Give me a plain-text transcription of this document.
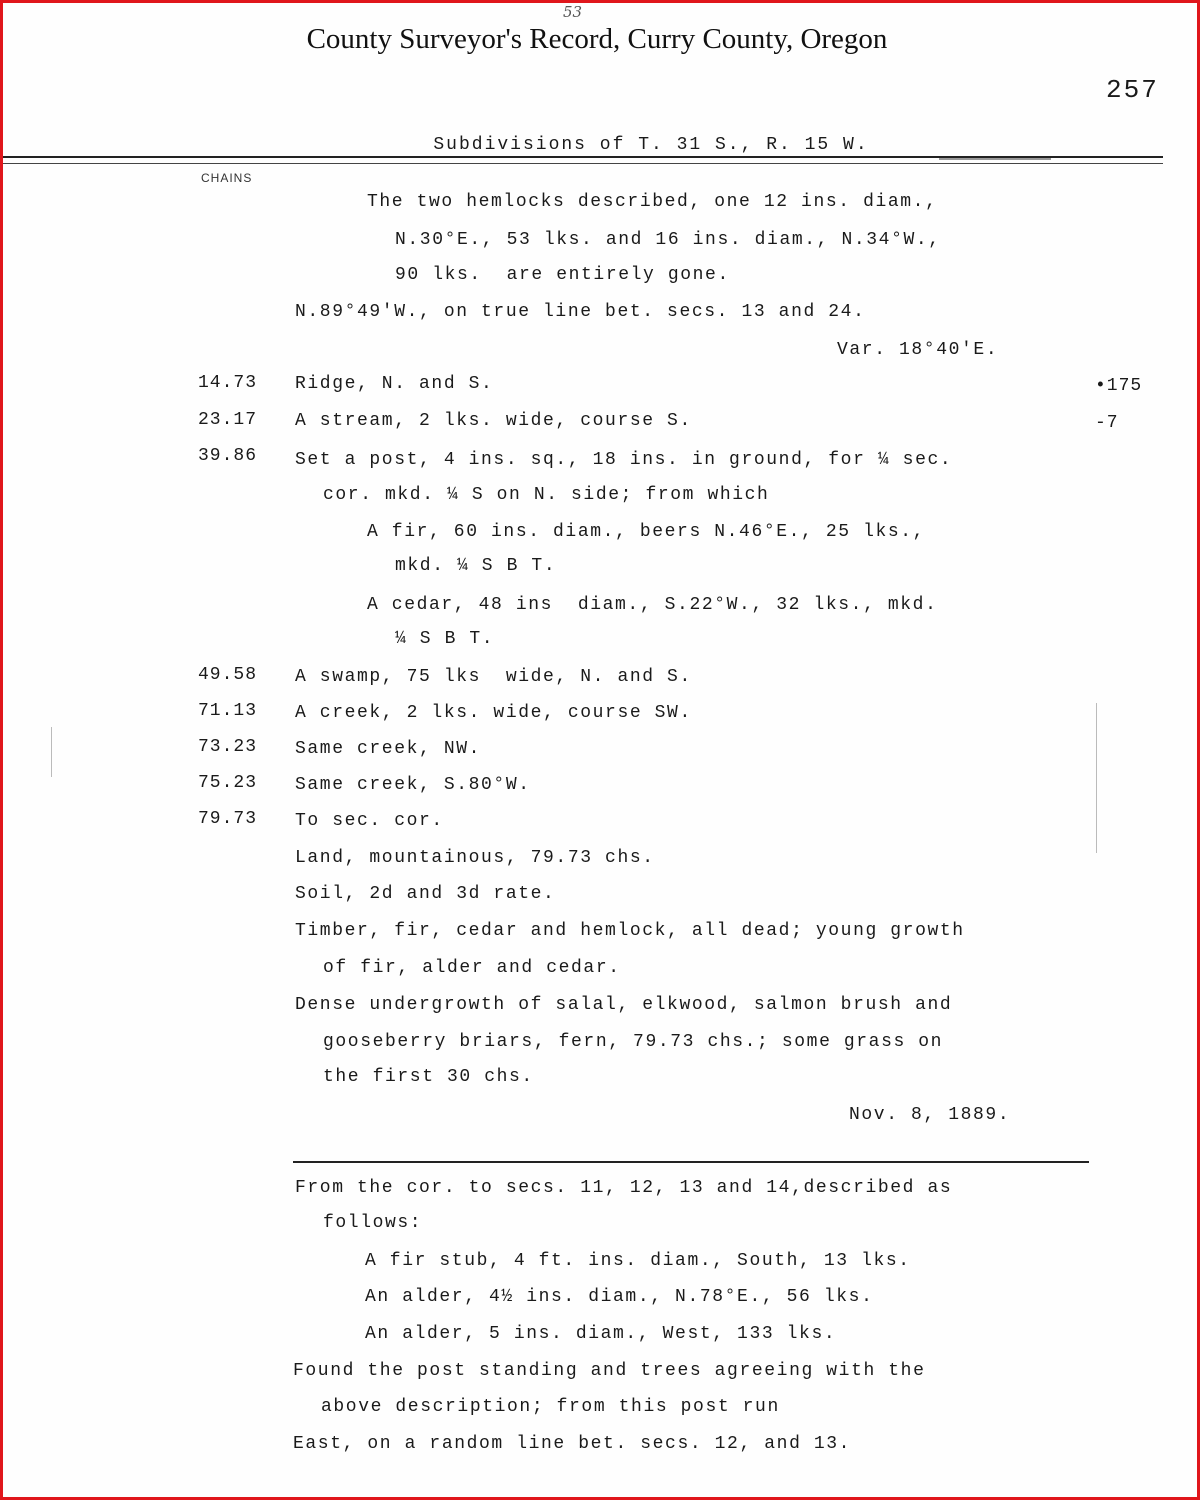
53
County Surveyor's Record, Curry County, Oregon
257
Subdivisions of T. 31 S., R. 15 W.
CHAINS
The two hemlocks described, one 12 ins. diam.,
N.30°E., 53 lks. and 16 ins. diam., N.34°W.,
90 lks.  are entirely gone.
N.89°49'W., on true line bet. secs. 13 and 24.
Var. 18°40'E.
14.73 Ridge, N. and S.	•175
23.17 A stream, 2 lks. wide, course S.	-7
39.86 Set a post, 4 ins. sq., 18 ins. in ground, for ¼ sec.
cor. mkd. ¼ S on N. side; from which
A fir, 60 ins. diam., beers N.46°E., 25 lks.,
mkd. ¼ S B T.
A cedar, 48 ins  diam., S.22°W., 32 lks., mkd.
¼ S B T.
49.58 A swamp, 75 lks  wide, N. and S.
71.13 A creek, 2 lks. wide, course SW.
73.23 Same creek, NW.
75.23 Same creek, S.80°W.
79.73 To sec. cor.
Land, mountainous, 79.73 chs.
Soil, 2d and 3d rate.
Timber, fir, cedar and hemlock, all dead; young growth
of fir, alder and cedar.
Dense undergrowth of salal, elkwood, salmon brush and
gooseberry briars, fern, 79.73 chs.; some grass on
the first 30 chs.
Nov. 8, 1889.
From the cor. to secs. 11, 12, 13 and 14,described as
follows:
A fir stub, 4 ft. ins. diam., South, 13 lks.
An alder, 4½ ins. diam., N.78°E., 56 lks.
An alder, 5 ins. diam., West, 133 lks.
Found the post standing and trees agreeing with the
above description; from this post run
East, on a random line bet. secs. 12, and 13.
